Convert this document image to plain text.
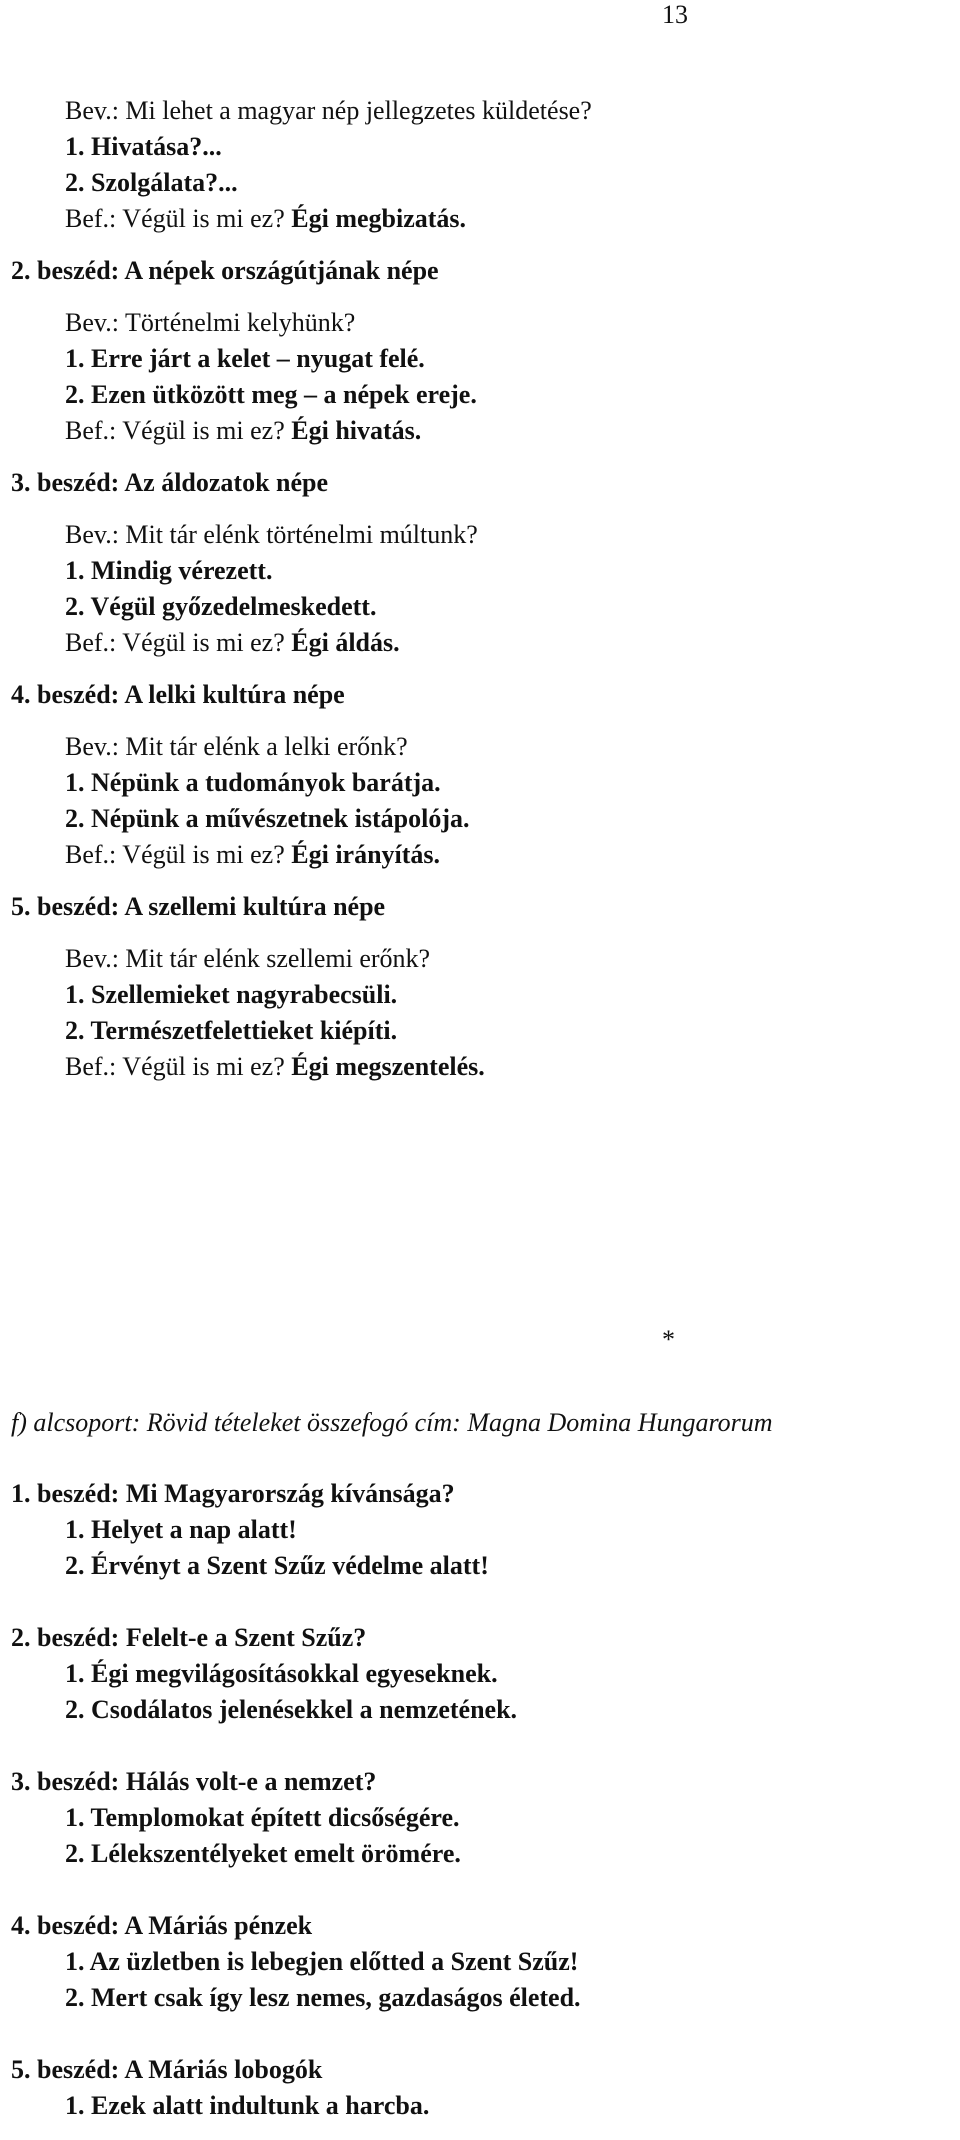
13
Bev.: Mi lehet a magyar nép jellegzetes küldetése?
1. Hivatása?...
2. Szolgálata?...
Bef.: Végül is mi ez? Égi megbizatás.
2. beszéd: A népek országútjának népe
Bev.: Történelmi kelyhünk?
1. Erre járt a kelet – nyugat felé.
2. Ezen ütközött meg – a népek ereje.
Bef.: Végül is mi ez? Égi hivatás.
3. beszéd: Az áldozatok népe
Bev.: Mit tár elénk történelmi múltunk?
1. Mindig vérezett.
2. Végül győzedelmeskedett.
Bef.: Végül is mi ez? Égi áldás.
4. beszéd: A lelki kultúra népe
Bev.: Mit tár elénk a lelki erőnk?
1. Népünk a tudományok barátja.
2. Népünk a művészetnek istápolója.
Bef.: Végül is mi ez? Égi irányítás.
5. beszéd: A szellemi kultúra népe
Bev.: Mit tár elénk szellemi erőnk?
1. Szellemieket nagyrabecsüli.
2. Természetfelettieket kiépíti.
Bef.: Végül is mi ez? Égi megszentelés.
*
f) alcsoport: Rövid tételeket összefogó cím: Magna Domina Hungarorum
1. beszéd: Mi Magyarország kívánsága?
1. Helyet a nap alatt!
2. Érvényt a Szent Szűz védelme alatt!
2. beszéd: Felelt-e a Szent Szűz?
1. Égi megvilágosításokkal egyeseknek.
2. Csodálatos jelenésekkel a nemzetének.
3. beszéd: Hálás volt-e a nemzet?
1. Templomokat épített dicsőségére.
2. Lélekszentélyeket emelt örömére.
4. beszéd: A Máriás pénzek
1. Az üzletben is lebegjen előtted a Szent Szűz!
2. Mert csak így lesz nemes, gazdaságos életed.
5. beszéd: A Máriás lobogók
1. Ezek alatt indultunk a harcba.
